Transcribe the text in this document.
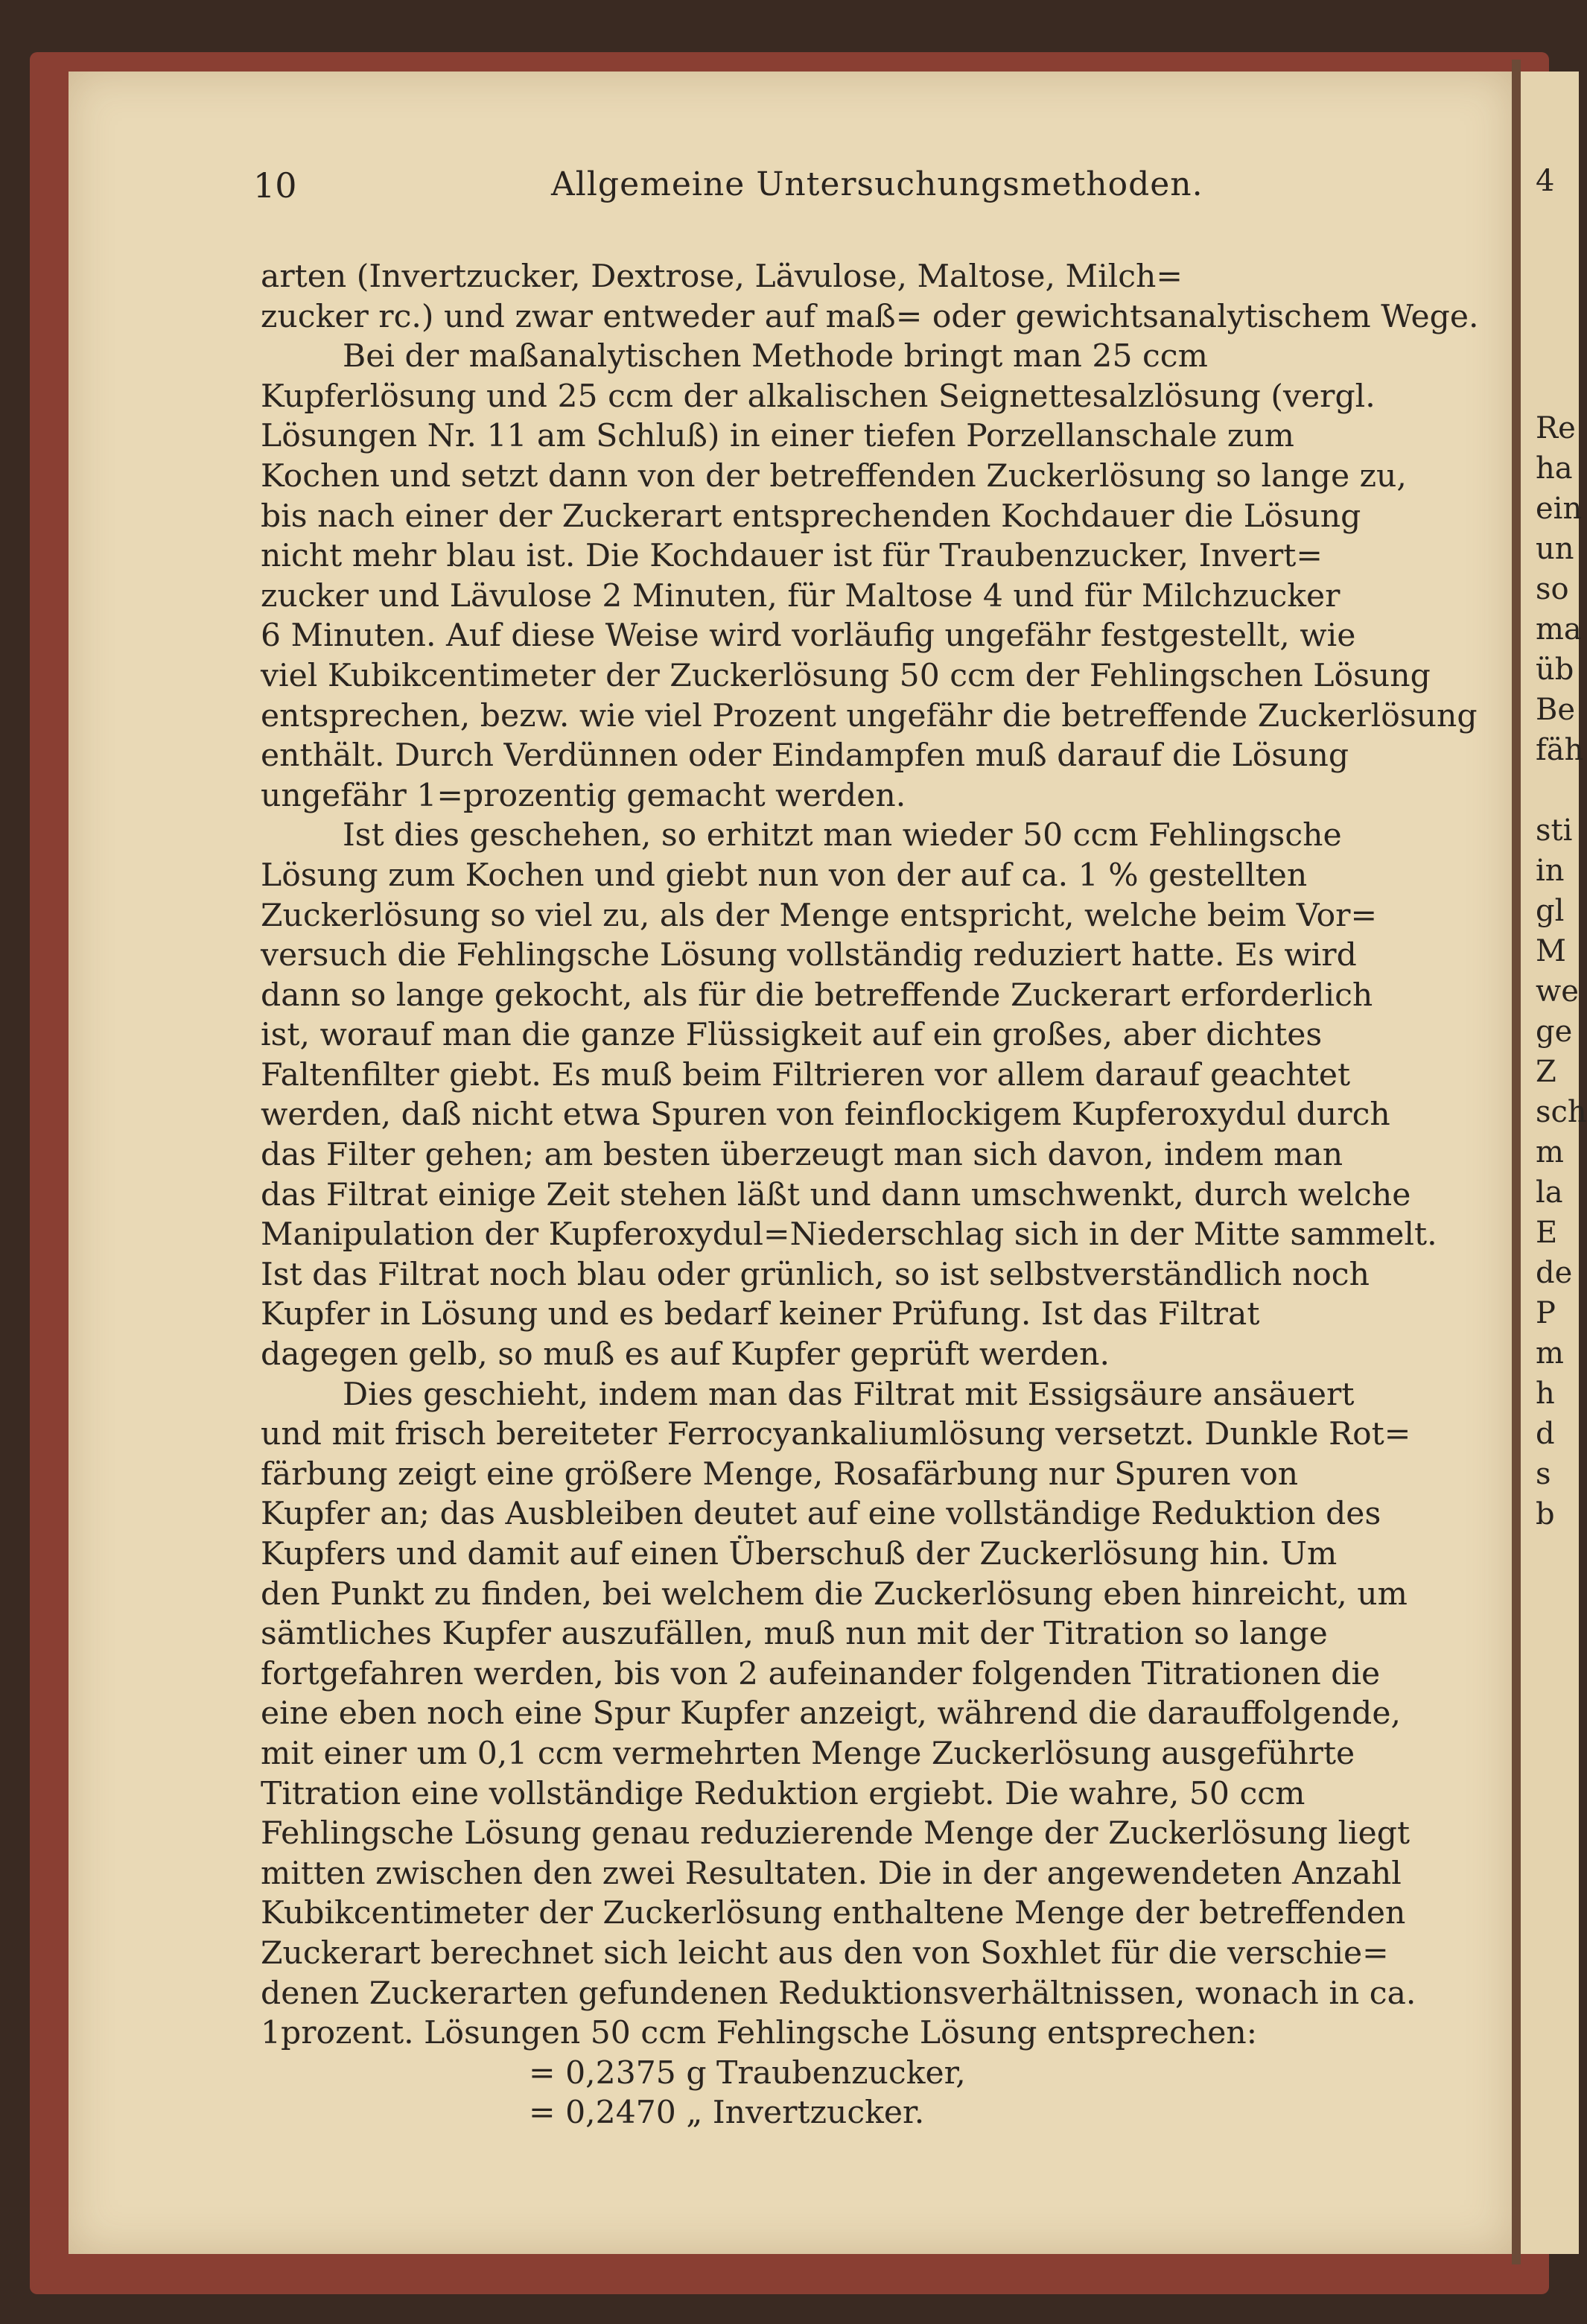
4
Re
ha
ein
un
so
ma
üb
Be
fäh
sti
in
gl
M
we
ge
Z
sch
m
la
E
de
P
m
h
d
s
b
10	Allgemeine Untersuchungsmethoden.
arten (Invertzucker, Dextrose, Lävulose, Maltose, Milch=
zucker rc.) und zwar entweder auf maß= oder gewichtsanalytischem Wege.
Bei der maßanalytischen Methode bringt man 25 ccm
Kupferlösung und 25 ccm der alkalischen Seignettesalzlösung (vergl.
Lösungen Nr. 11 am Schluß) in einer tiefen Porzellanschale zum
Kochen und setzt dann von der betreffenden Zuckerlösung so lange zu,
bis nach einer der Zuckerart entsprechenden Kochdauer die Lösung
nicht mehr blau ist. Die Kochdauer ist für Traubenzucker, Invert=
zucker und Lävulose 2 Minuten, für Maltose 4 und für Milchzucker
6 Minuten. Auf diese Weise wird vorläufig ungefähr festgestellt, wie
viel Kubikcentimeter der Zuckerlösung 50 ccm der Fehlingschen Lösung
entsprechen, bezw. wie viel Prozent ungefähr die betreffende Zuckerlösung
enthält. Durch Verdünnen oder Eindampfen muß darauf die Lösung
ungefähr 1=prozentig gemacht werden.
Ist dies geschehen, so erhitzt man wieder 50 ccm Fehlingsche
Lösung zum Kochen und giebt nun von der auf ca. 1 % gestellten
Zuckerlösung so viel zu, als der Menge entspricht, welche beim Vor=
versuch die Fehlingsche Lösung vollständig reduziert hatte. Es wird
dann so lange gekocht, als für die betreffende Zuckerart erforderlich
ist, worauf man die ganze Flüssigkeit auf ein großes, aber dichtes
Faltenfilter giebt. Es muß beim Filtrieren vor allem darauf geachtet
werden, daß nicht etwa Spuren von feinflockigem Kupferoxydul durch
das Filter gehen; am besten überzeugt man sich davon, indem man
das Filtrat einige Zeit stehen läßt und dann umschwenkt, durch welche
Manipulation der Kupferoxydul=Niederschlag sich in der Mitte sammelt.
Ist das Filtrat noch blau oder grünlich, so ist selbstverständlich noch
Kupfer in Lösung und es bedarf keiner Prüfung. Ist das Filtrat
dagegen gelb, so muß es auf Kupfer geprüft werden.
Dies geschieht, indem man das Filtrat mit Essigsäure ansäuert
und mit frisch bereiteter Ferrocyankaliumlösung versetzt. Dunkle Rot=
färbung zeigt eine größere Menge, Rosafärbung nur Spuren von
Kupfer an; das Ausbleiben deutet auf eine vollständige Reduktion des
Kupfers und damit auf einen Überschuß der Zuckerlösung hin. Um
den Punkt zu finden, bei welchem die Zuckerlösung eben hinreicht, um
sämtliches Kupfer auszufällen, muß nun mit der Titration so lange
fortgefahren werden, bis von 2 aufeinander folgenden Titrationen die
eine eben noch eine Spur Kupfer anzeigt, während die darauffolgende,
mit einer um 0,1 ccm vermehrten Menge Zuckerlösung ausgeführte
Titration eine vollständige Reduktion ergiebt. Die wahre, 50 ccm
Fehlingsche Lösung genau reduzierende Menge der Zuckerlösung liegt
mitten zwischen den zwei Resultaten. Die in der angewendeten Anzahl
Kubikcentimeter der Zuckerlösung enthaltene Menge der betreffenden
Zuckerart berechnet sich leicht aus den von Soxhlet für die verschie=
denen Zuckerarten gefundenen Reduktionsverhältnissen, wonach in ca.
1prozent. Lösungen 50 ccm Fehlingsche Lösung entsprechen:
= 0,2375 g Traubenzucker,
= 0,2470 „ Invertzucker.
